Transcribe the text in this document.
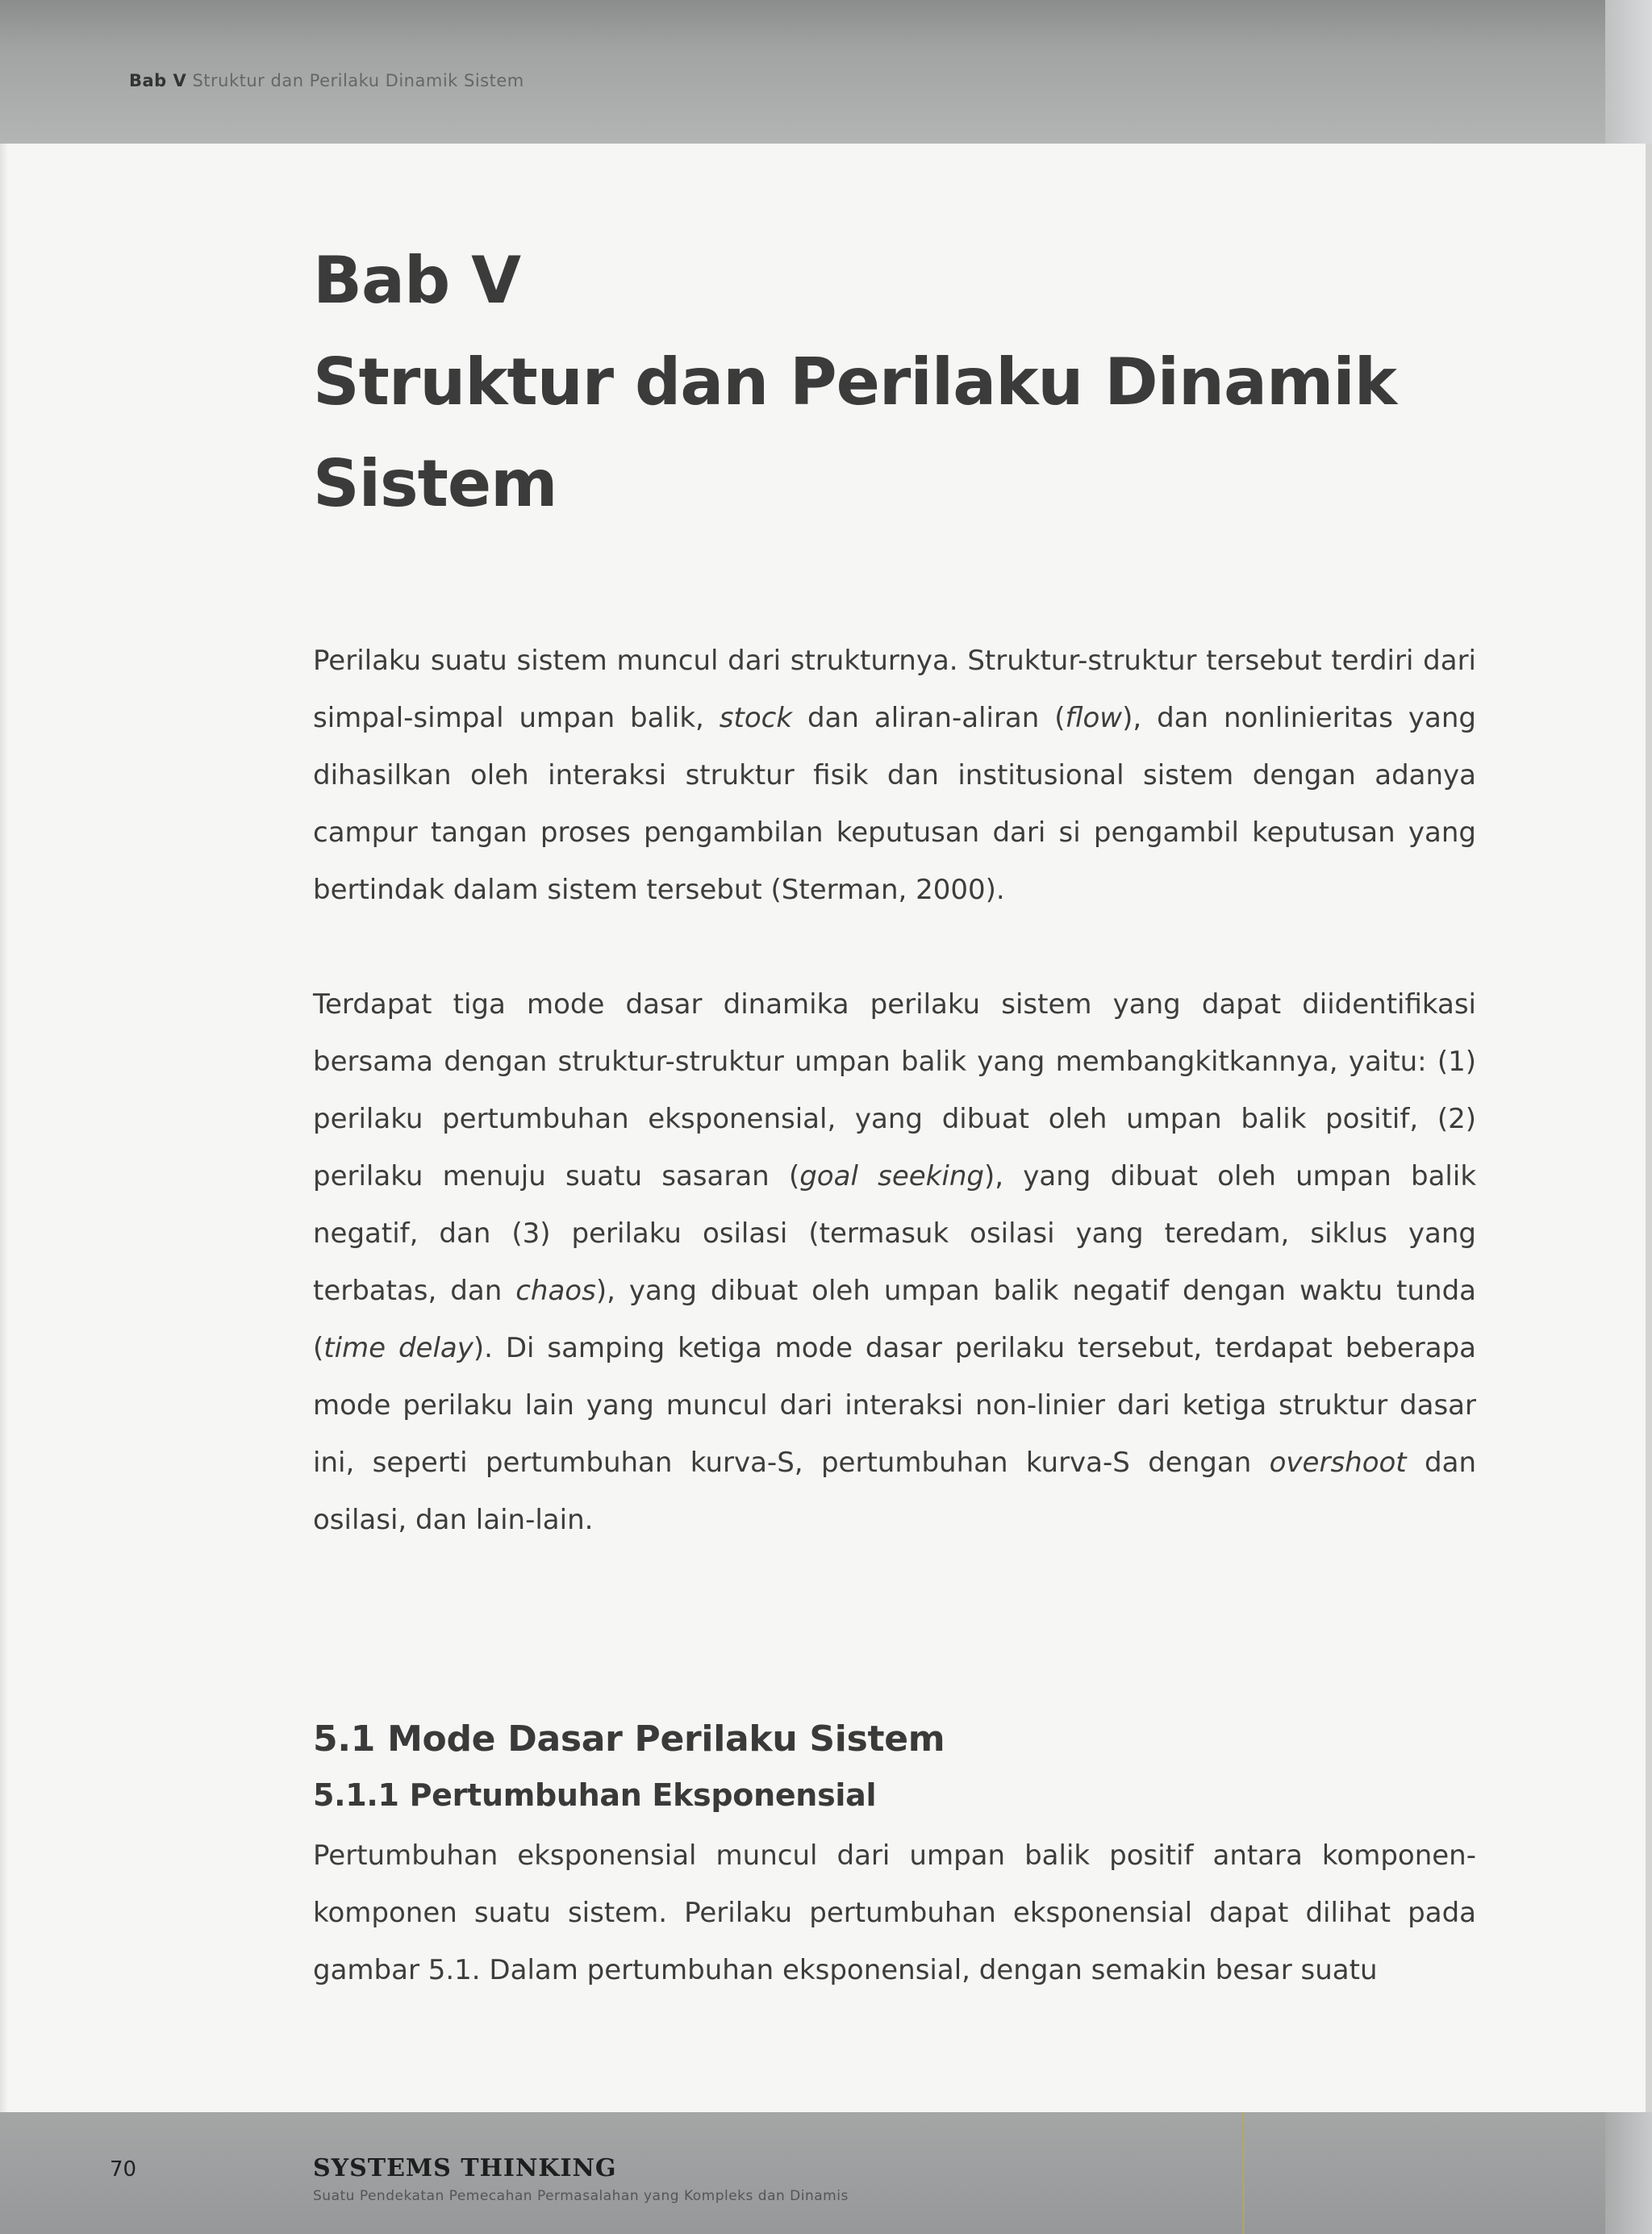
Bab V Struktur dan Perilaku Dinamik Sistem
Bab V
Struktur dan Perilaku Dinamik
Sistem

Perilaku suatu sistem muncul dari strukturnya. Struktur-struktur tersebut terdiri dari simpal-simpal umpan balik, stock dan aliran-aliran (flow), dan nonlinieritas yang dihasilkan oleh interaksi struktur fisik dan institusional sistem dengan adanya campur tangan proses pengambilan keputusan dari si pengambil keputusan yang bertindak dalam sistem tersebut (Sterman, 2000).

Terdapat tiga mode dasar dinamika perilaku sistem yang dapat diidentifikasi bersama dengan struktur-struktur umpan balik yang membangkitkannya, yaitu: (1) perilaku pertumbuhan eksponensial, yang dibuat oleh umpan balik positif, (2) perilaku menuju suatu sasaran (goal seeking), yang dibuat oleh umpan balik negatif, dan (3) perilaku osilasi (termasuk osilasi yang teredam, siklus yang terbatas, dan chaos), yang dibuat oleh umpan balik negatif dengan waktu tunda (time delay). Di samping ketiga mode dasar perilaku tersebut, terdapat beberapa mode perilaku lain yang muncul dari interaksi non-linier dari ketiga struktur dasar ini, seperti pertumbuhan kurva-S, pertumbuhan kurva-S dengan overshoot dan osilasi, dan lain-lain.

5.1 Mode Dasar Perilaku Sistem
5.1.1 Pertumbuhan Eksponensial

Pertumbuhan eksponensial muncul dari umpan balik positif antara komponen-komponen suatu sistem. Perilaku pertumbuhan eksponensial dapat dilihat pada gambar 5.1. Dalam pertumbuhan eksponensial, dengan semakin besar suatu

70	SYSTEMS THINKING
Suatu Pendekatan Pemecahan Permasalahan yang Kompleks dan Dinamis
